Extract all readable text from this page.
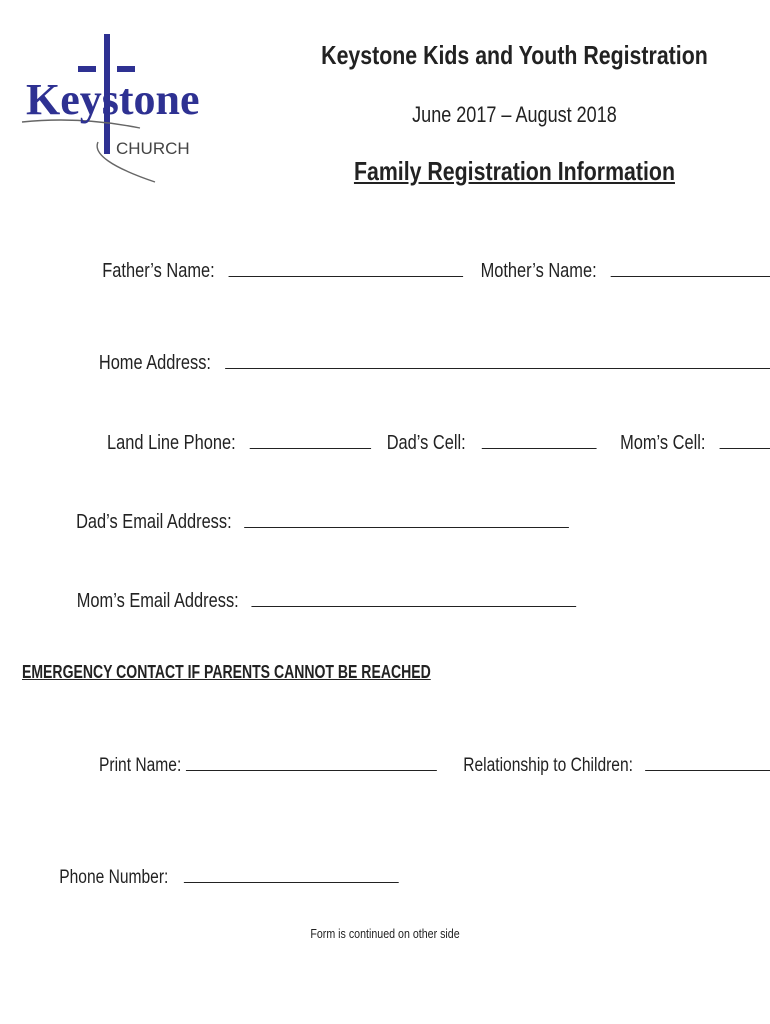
Keystone
CHURCH
Keystone Kids and Youth Registration
June 2017 – August 2018
Family Registration Information
Father’s Name:	Mother’s Name:
Home Address:
Land Line Phone:	Dad’s Cell:	Mom’s Cell:
Dad’s Email Address:
Mom’s Email Address:
EMERGENCY CONTACT IF PARENTS CANNOT BE REACHED
Print Name:	Relationship to Children:
Phone Number:
Form is continued on other side
